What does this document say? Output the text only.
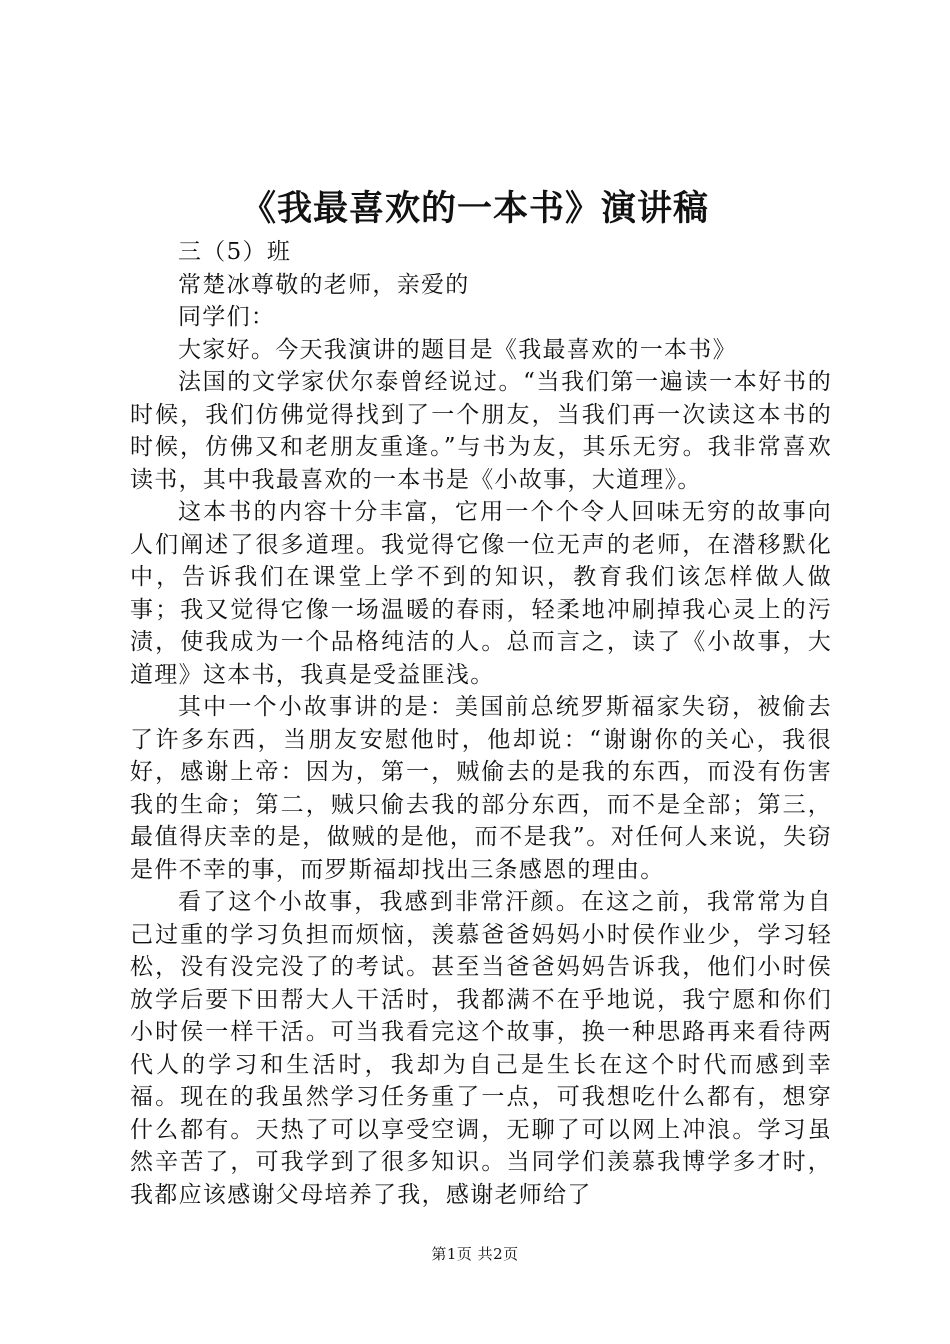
《我最喜欢的一本书》演讲稿

三（5）班

常楚冰尊敬的老师，亲爱的

同学们：

大家好。今天我演讲的题目是《我最喜欢的一本书》

法国的文学家伏尔泰曾经说过。“当我们第一遍读一本好书的时候，我们仿佛觉得找到了一个朋友，当我们再一次读这本书的时候，仿佛又和老朋友重逢。”与书为友，其乐无穷。我非常喜欢读书，其中我最喜欢的一本书是《小故事，大道理》。

这本书的内容十分丰富，它用一个个令人回味无穷的故事向人们阐述了很多道理。我觉得它像一位无声的老师，在潜移默化中，告诉我们在课堂上学不到的知识，教育我们该怎样做人做事；我又觉得它像一场温暖的春雨，轻柔地冲刷掉我心灵上的污渍，使我成为一个品格纯洁的人。总而言之，读了《小故事，大道理》这本书，我真是受益匪浅。

其中一个小故事讲的是：美国前总统罗斯福家失窃，被偷去了许多东西，当朋友安慰他时，他却说：“谢谢你的关心，我很好，感谢上帝：因为，第一，贼偷去的是我的东西，而没有伤害我的生命；第二，贼只偷去我的部分东西，而不是全部；第三，最值得庆幸的是，做贼的是他，而不是我”。对任何人来说，失窃是件不幸的事，而罗斯福却找出三条感恩的理由。

看了这个小故事，我感到非常汗颜。在这之前，我常常为自己过重的学习负担而烦恼，羡慕爸爸妈妈小时侯作业少，学习轻松，没有没完没了的考试。甚至当爸爸妈妈告诉我，他们小时侯放学后要下田帮大人干活时，我都满不在乎地说，我宁愿和你们小时侯一样干活。可当我看完这个故事，换一种思路再来看待两代人的学习和生活时，我却为自己是生长在这个时代而感到幸福。现在的我虽然学习任务重了一点，可我想吃什么都有，想穿什么都有。天热了可以享受空调，无聊了可以网上冲浪。学习虽然辛苦了，可我学到了很多知识。当同学们羡慕我博学多才时，我都应该感谢父母培养了我，感谢老师给了

第1页 共2页
